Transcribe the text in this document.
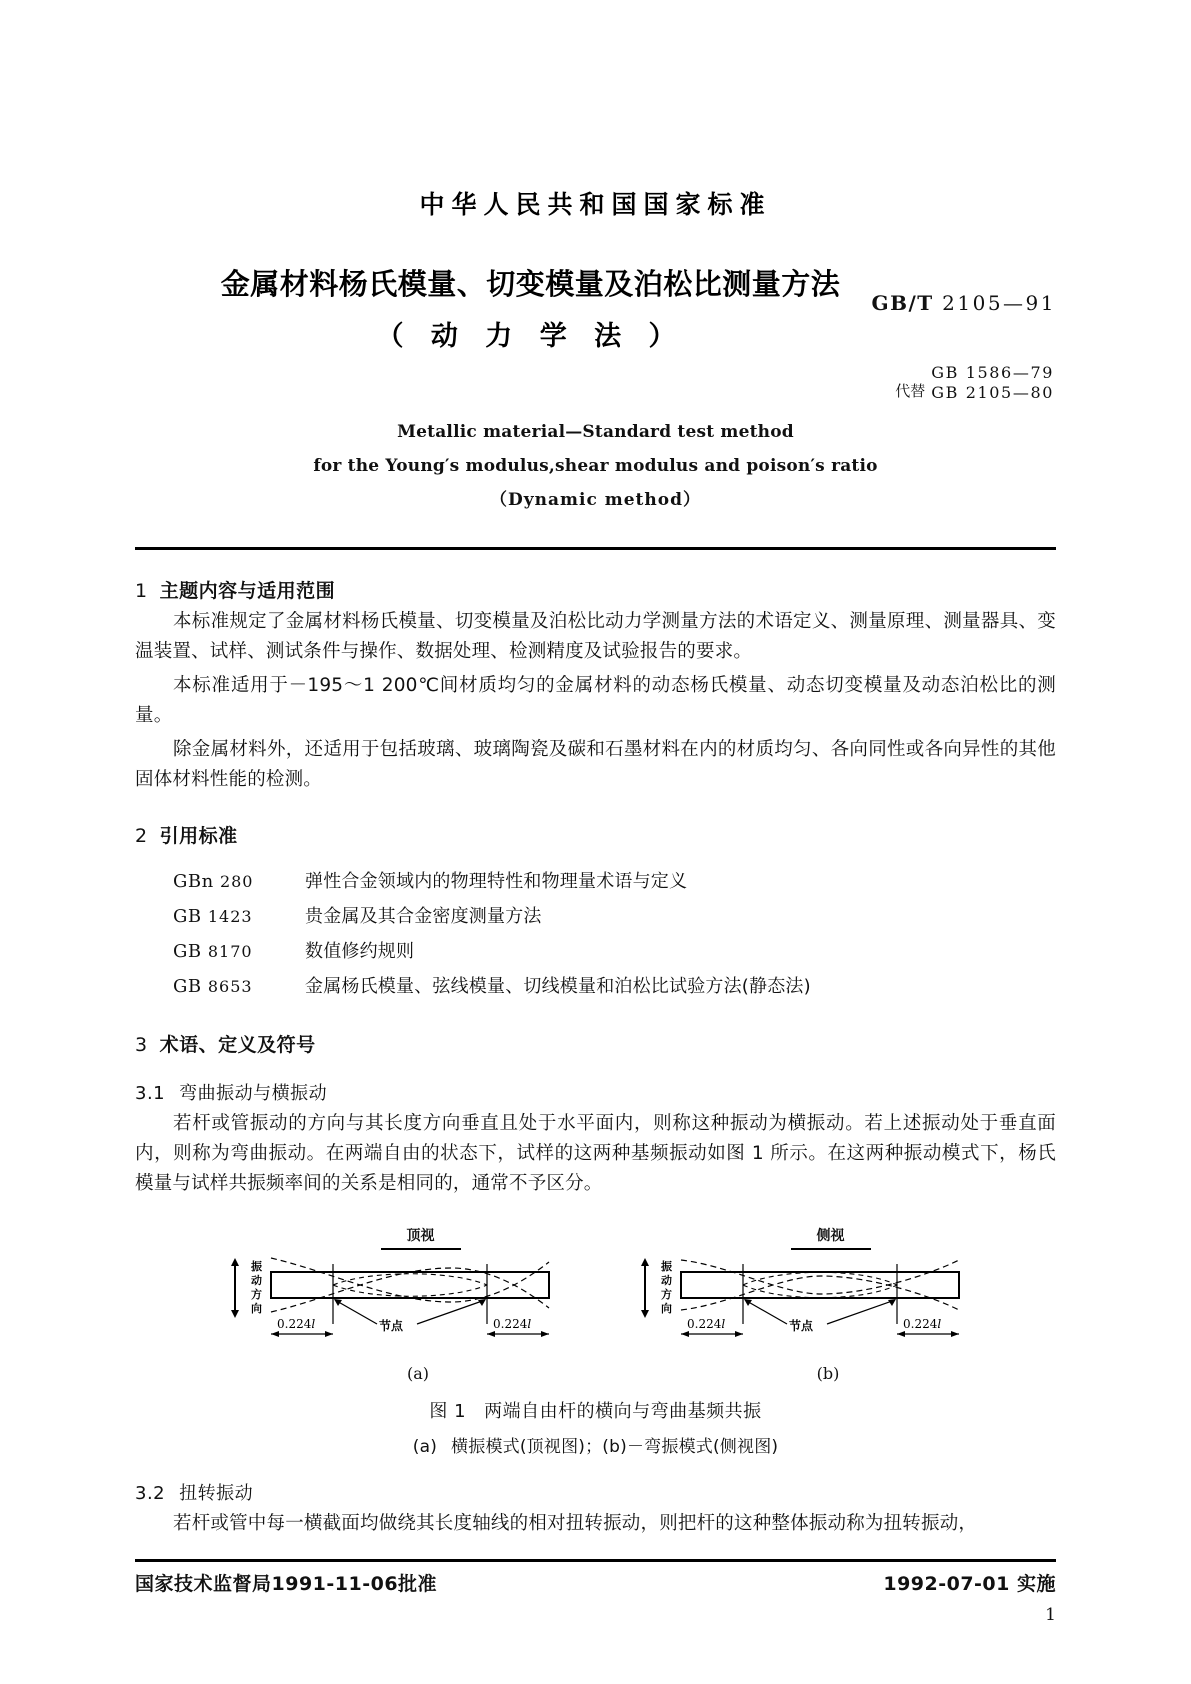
中华人民共和国国家标准
金属材料杨氏模量、切变模量及泊松比测量方法
（ 动 力 学 法 ）
GB/T 2105—91
代替
GB 1586—79
GB 2105—80
Metallic material—Standard test method
for the Young′s modulus,shear modulus and poison′s ratio
（Dynamic method）
1 主题内容与适用范围

本标准规定了金属材料杨氏模量、切变模量及泊松比动力学测量方法的术语定义、测量原理、测量器具、变温装置、试样、测试条件与操作、数据处理、检测精度及试验报告的要求。

本标准适用于－195～1 200℃间材质均匀的金属材料的动态杨氏模量、动态切变模量及动态泊松比的测量。

除金属材料外，还适用于包括玻璃、玻璃陶瓷及碳和石墨材料在内的材质均匀、各向同性或各向异性的其他固体材料性能的检测。

2 引用标准
GBn 280	弹性合金领域内的物理特性和物理量术语与定义
GB 1423	贵金属及其合金密度测量方法
GB 8170	数值修约规则
GB 8653	金属杨氏模量、弦线模量、切线模量和泊松比试验方法(静态法)
3 术语、定义及符号
3.1 弯曲振动与横振动

若杆或管振动的方向与其长度方向垂直且处于水平面内，则称这种振动为横振动。若上述振动处于垂直面内，则称为弯曲振动。在两端自由的状态下，试样的这两种基频振动如图 1 所示。在这两种振动模式下，杨氏模量与试样共振频率间的关系是相同的，通常不予区分。

顶视
振
动
方
向
0.224l	0.224l
节点
(a)
侧视
振
动
方
向
0.224l	0.224l
节点
(b)
图 1 两端自由杆的横向与弯曲基频共振
(a) 横振模式(顶视图)；(b)－弯振模式(侧视图)
3.2 扭转振动

若杆或管中每一横截面均做绕其长度轴线的相对扭转振动，则把杆的这种整体振动称为扭转振动，

国家技术监督局1991-11-06批准	1992-07-01 实施
1
